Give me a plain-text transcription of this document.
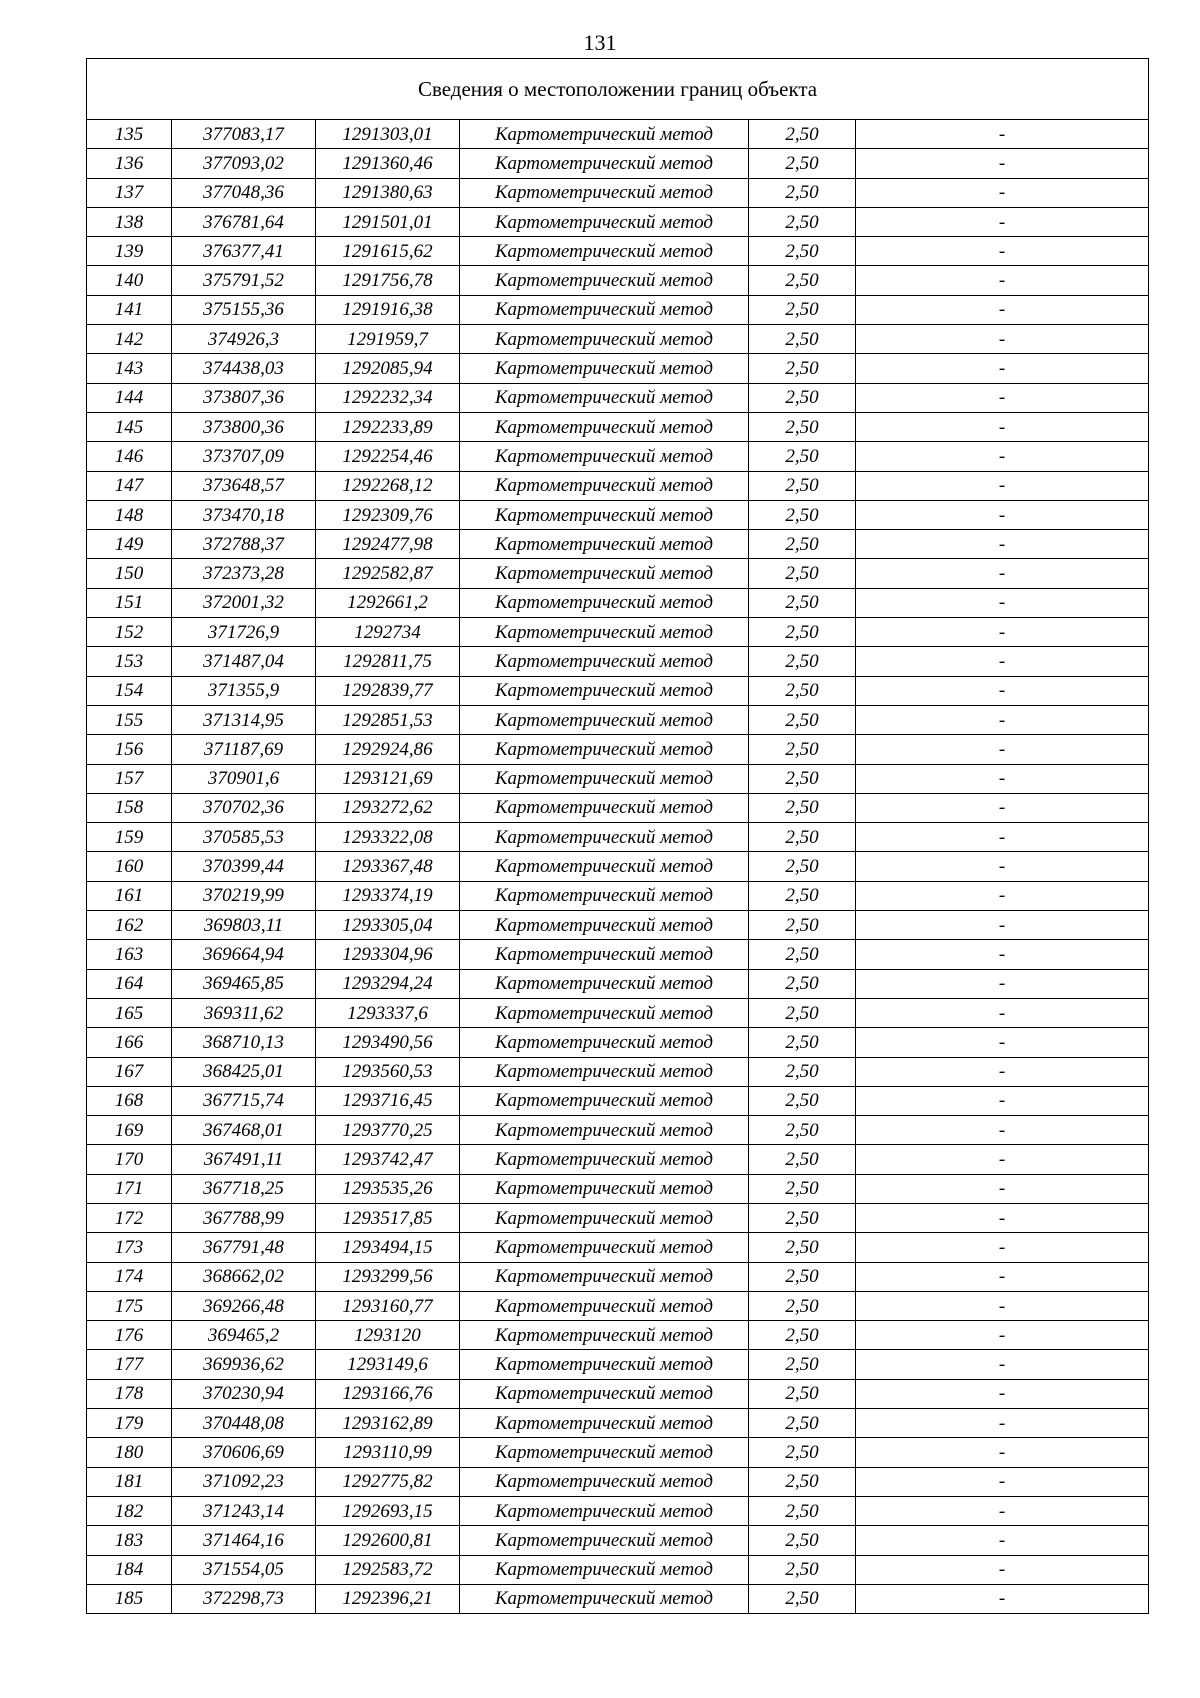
131
Сведения о местоположении границ объекта					
135	377083,17	1291303,01	Картометрический метод	2,50	-
136	377093,02	1291360,46	Картометрический метод	2,50	-
137	377048,36	1291380,63	Картометрический метод	2,50	-
138	376781,64	1291501,01	Картометрический метод	2,50	-
139	376377,41	1291615,62	Картометрический метод	2,50	-
140	375791,52	1291756,78	Картометрический метод	2,50	-
141	375155,36	1291916,38	Картометрический метод	2,50	-
142	374926,3	1291959,7	Картометрический метод	2,50	-
143	374438,03	1292085,94	Картометрический метод	2,50	-
144	373807,36	1292232,34	Картометрический метод	2,50	-
145	373800,36	1292233,89	Картометрический метод	2,50	-
146	373707,09	1292254,46	Картометрический метод	2,50	-
147	373648,57	1292268,12	Картометрический метод	2,50	-
148	373470,18	1292309,76	Картометрический метод	2,50	-
149	372788,37	1292477,98	Картометрический метод	2,50	-
150	372373,28	1292582,87	Картометрический метод	2,50	-
151	372001,32	1292661,2	Картометрический метод	2,50	-
152	371726,9	1292734	Картометрический метод	2,50	-
153	371487,04	1292811,75	Картометрический метод	2,50	-
154	371355,9	1292839,77	Картометрический метод	2,50	-
155	371314,95	1292851,53	Картометрический метод	2,50	-
156	371187,69	1292924,86	Картометрический метод	2,50	-
157	370901,6	1293121,69	Картометрический метод	2,50	-
158	370702,36	1293272,62	Картометрический метод	2,50	-
159	370585,53	1293322,08	Картометрический метод	2,50	-
160	370399,44	1293367,48	Картометрический метод	2,50	-
161	370219,99	1293374,19	Картометрический метод	2,50	-
162	369803,11	1293305,04	Картометрический метод	2,50	-
163	369664,94	1293304,96	Картометрический метод	2,50	-
164	369465,85	1293294,24	Картометрический метод	2,50	-
165	369311,62	1293337,6	Картометрический метод	2,50	-
166	368710,13	1293490,56	Картометрический метод	2,50	-
167	368425,01	1293560,53	Картометрический метод	2,50	-
168	367715,74	1293716,45	Картометрический метод	2,50	-
169	367468,01	1293770,25	Картометрический метод	2,50	-
170	367491,11	1293742,47	Картометрический метод	2,50	-
171	367718,25	1293535,26	Картометрический метод	2,50	-
172	367788,99	1293517,85	Картометрический метод	2,50	-
173	367791,48	1293494,15	Картометрический метод	2,50	-
174	368662,02	1293299,56	Картометрический метод	2,50	-
175	369266,48	1293160,77	Картометрический метод	2,50	-
176	369465,2	1293120	Картометрический метод	2,50	-
177	369936,62	1293149,6	Картометрический метод	2,50	-
178	370230,94	1293166,76	Картометрический метод	2,50	-
179	370448,08	1293162,89	Картометрический метод	2,50	-
180	370606,69	1293110,99	Картометрический метод	2,50	-
181	371092,23	1292775,82	Картометрический метод	2,50	-
182	371243,14	1292693,15	Картометрический метод	2,50	-
183	371464,16	1292600,81	Картометрический метод	2,50	-
184	371554,05	1292583,72	Картометрический метод	2,50	-
185	372298,73	1292396,21	Картометрический метод	2,50	-
